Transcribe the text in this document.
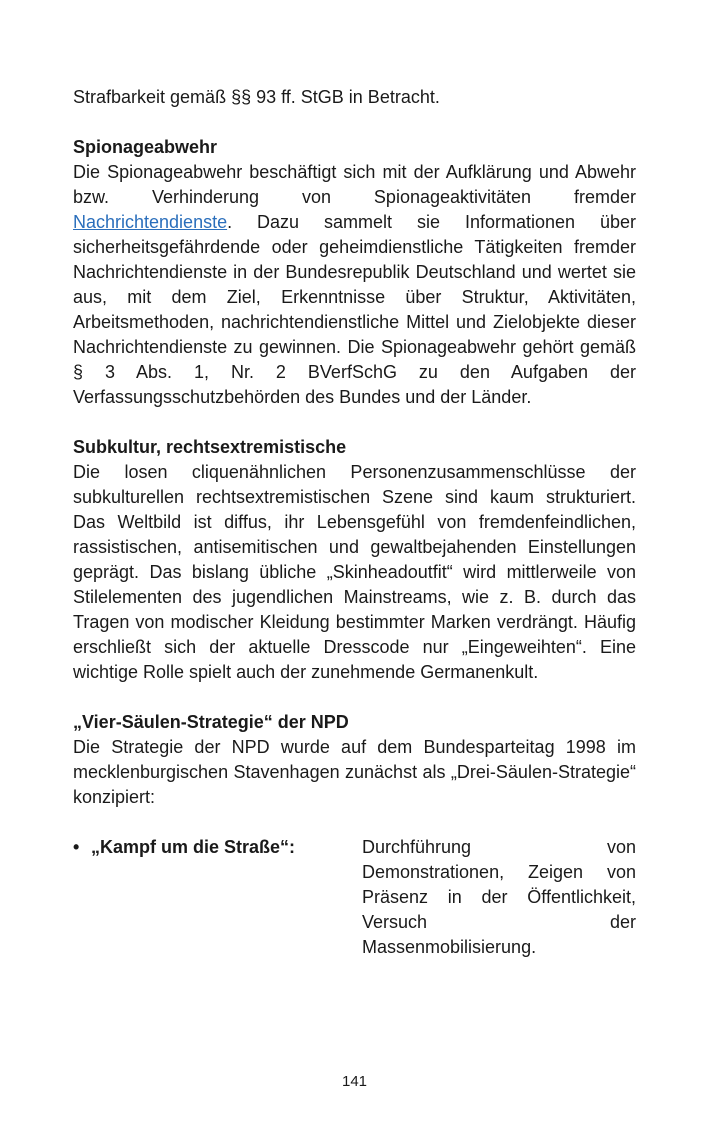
Strafbarkeit gemäß §§ 93 ff. StGB in Betracht.

Spionageabwehr

Die Spionageabwehr beschäftigt sich mit der Aufklärung und Abwehr bzw. Verhinderung von Spionageaktivitäten fremder Nachrichtendienste. Dazu sammelt sie Informationen über sicherheitsgefährdende oder geheimdienstliche Tätigkeiten fremder Nachrichtendienste in der Bundesrepublik Deutschland und wertet sie aus, mit dem Ziel, Erkenntnisse über Struktur, Aktivitäten, Arbeitsmethoden, nachrichtendienstliche Mittel und Zielobjekte dieser Nachrichtendienste zu gewinnen. Die Spionageabwehr gehört gemäß § 3 Abs. 1, Nr. 2 BVerfSchG zu den Aufgaben der Verfassungsschutzbehörden des Bundes und der Länder.

Subkultur, rechtsextremistische

Die losen cliquenähnlichen Personenzusammenschlüsse der subkulturellen rechtsextremistischen Szene sind kaum strukturiert. Das Weltbild ist diffus, ihr Lebensgefühl von fremdenfeindlichen, rassistischen, antisemitischen und gewaltbejahenden Einstellungen geprägt. Das bislang übliche „Skinheadoutfit“ wird mittlerweile von Stilelementen des jugendlichen Mainstreams, wie z. B. durch das Tragen von modischer Kleidung bestimmter Marken verdrängt. Häufig erschließt sich der aktuelle Dresscode nur „Eingeweihten“. Eine wichtige Rolle spielt auch der zunehmende Germanenkult.

„Vier-Säulen-Strategie“ der NPD

Die Strategie der NPD wurde auf dem Bundesparteitag 1998 im mecklenburgischen Stavenhagen zunächst als „Drei-Säulen-Strategie“ konzipiert:

• „Kampf um die Straße“:	Durchführung von Demonstrationen, Zeigen von Präsenz in der Öffentlichkeit, Versuch der Massenmobilisierung.
141
